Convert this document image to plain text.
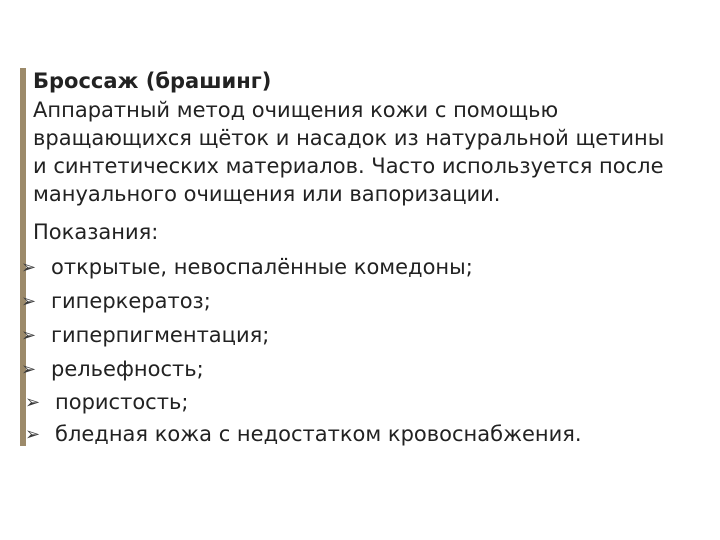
Броссаж (брашинг)

Аппаратный метод очищения кожи с помощью

вращающихся щёток и насадок из натуральной щетины

и синтетических материалов. Часто используется после

мануального очищения или вапоризации.

Показания:

➢ открытые, невоспалённые комедоны;
➢ гиперкератоз;
➢ гиперпигментация;
➢ рельефность;
➢ пористость;
➢ бледная кожа с недостатком кровоснабжения.
